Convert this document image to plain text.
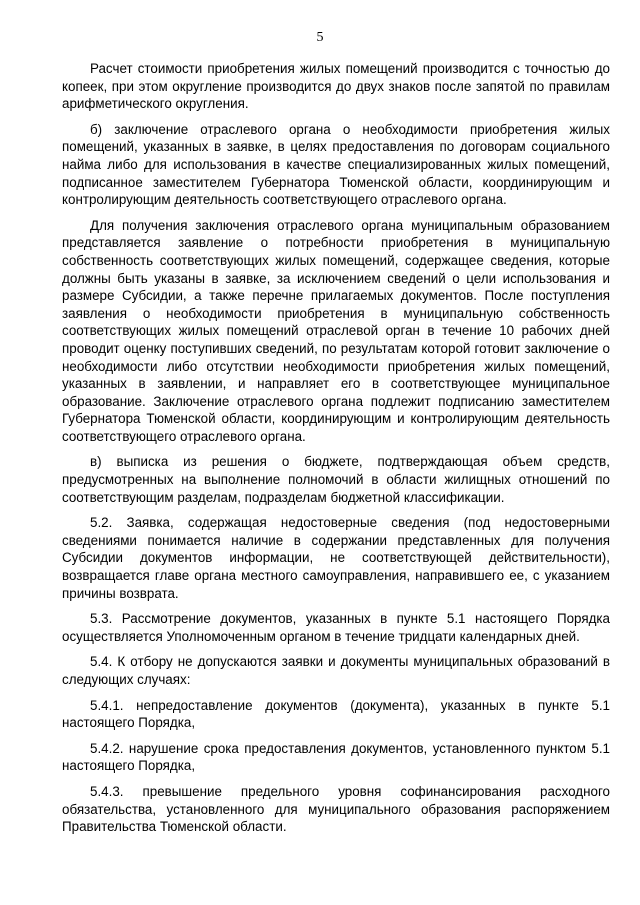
5

Расчет стоимости приобретения жилых помещений производится с точностью до копеек, при этом округление производится до двух знаков после запятой по правилам арифметического округления.

б) заключение отраслевого органа о необходимости приобретения жилых помещений, указанных в заявке, в целях предоставления по договорам социального найма либо для использования в качестве специализированных жилых помещений, подписанное заместителем Губернатора Тюменской области, координирующим и контролирующим деятельность соответствующего отраслевого органа.

Для получения заключения отраслевого органа муниципальным образованием представляется заявление о потребности приобретения в муниципальную собственность соответствующих жилых помещений, содержащее сведения, которые должны быть указаны в заявке, за исключением сведений о цели использования и размере Субсидии, а также перечне прилагаемых документов. После поступления заявления о необходимости приобретения в муниципальную собственность соответствующих жилых помещений отраслевой орган в течение 10 рабочих дней проводит оценку поступивших сведений, по результатам которой готовит заключение о необходимости либо отсутствии необходимости приобретения жилых помещений, указанных в заявлении, и направляет его в соответствующее муниципальное образование. Заключение отраслевого органа подлежит подписанию заместителем Губернатора Тюменской области, координирующим и контролирующим деятельность соответствующего отраслевого органа.

в) выписка из решения о бюджете, подтверждающая объем средств, предусмотренных на выполнение полномочий в области жилищных отношений по соответствующим разделам, подразделам бюджетной классификации.

5.2. Заявка, содержащая недостоверные сведения (под недостоверными сведениями понимается наличие в содержании представленных для получения Субсидии документов информации, не соответствующей действительности), возвращается главе органа местного самоуправления, направившего ее, с указанием причины возврата.

5.3. Рассмотрение документов, указанных в пункте 5.1 настоящего Порядка осуществляется Уполномоченным органом в течение тридцати календарных дней.

5.4. К отбору не допускаются заявки и документы муниципальных образований в следующих случаях:

5.4.1. непредоставление документов (документа), указанных в пункте 5.1 настоящего Порядка,

5.4.2. нарушение срока предоставления документов, установленного пунктом 5.1 настоящего Порядка,

5.4.3. превышение предельного уровня софинансирования расходного обязательства, установленного для муниципального образования распоряжением Правительства Тюменской области.
